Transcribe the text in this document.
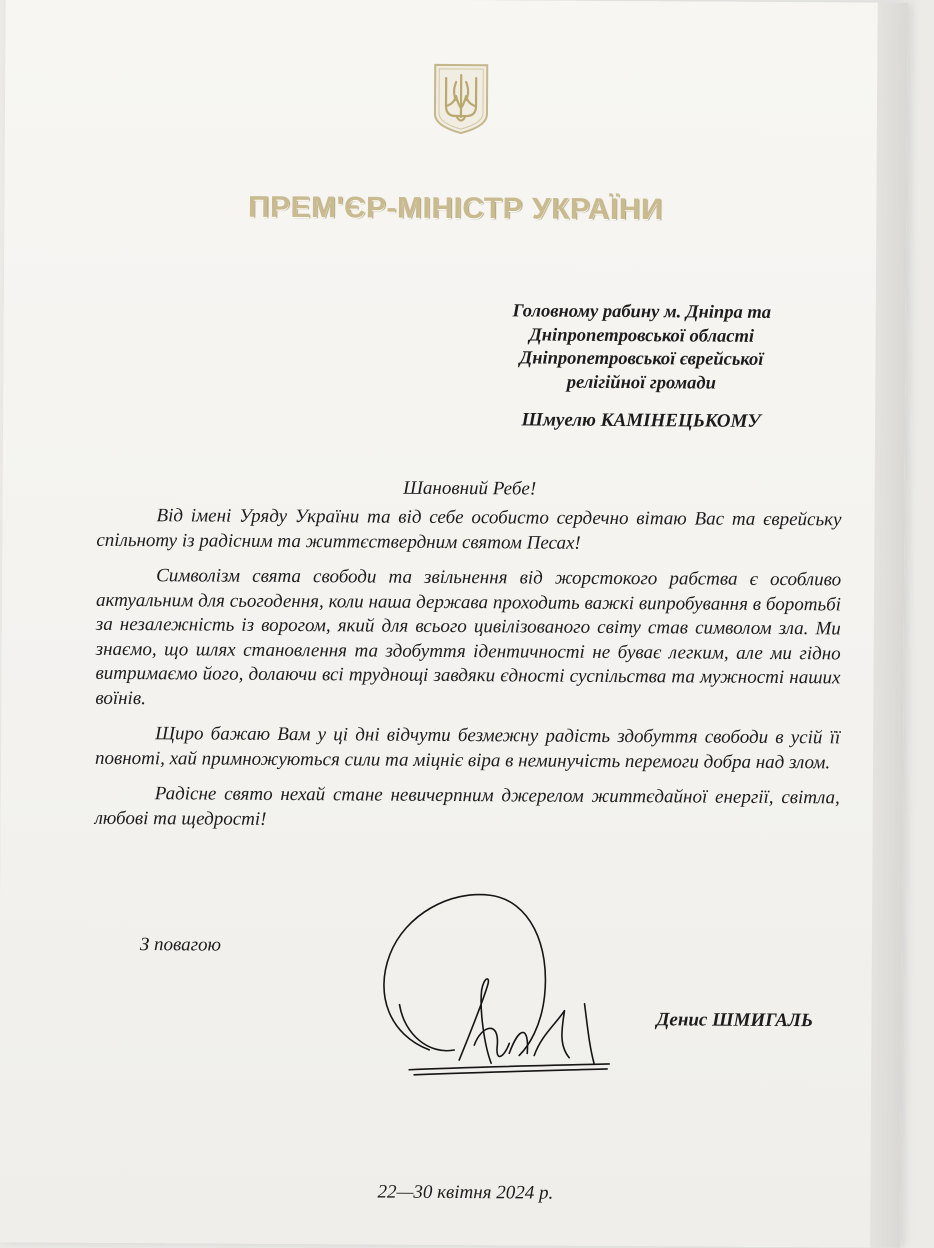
ПРЕМ'ЄР-МІНІСТР УКРАЇНИ
Головному рабину м. Дніпра та
Дніпропетровської області
Дніпропетровської єврейської
релігійної громади
Шмуелю КАМІНЕЦЬКОМУ
Шановний Ребе!

Від імені Уряду України та від себе особисто сердечно вітаю Вас та єврейську спільноту із радісним та життєствердним святом Песах!

Символізм свята свободи та звільнення від жорстокого рабства є особливо актуальним для сьогодення, коли наша держава проходить важкі випробування в боротьбі за незалежність із ворогом, який для всього цивілізованого світу став символом зла. Ми знаємо, що шлях становлення та здобуття ідентичності не буває легким, але ми гідно витримаємо його, долаючи всі труднощі завдяки єдності суспільства та мужності наших воїнів.

Щиро бажаю Вам у ці дні відчути безмежну радість здобуття свободи в усій її повноті, хай примножуються сили та міцніє віра в неминучість перемоги добра над злом.

Радісне свято нехай стане невичерпним джерелом життєдайної енергії, світла, любові та щедрості!

З повагою
Денис ШМИГАЛЬ
22—30 квітня 2024 р.
